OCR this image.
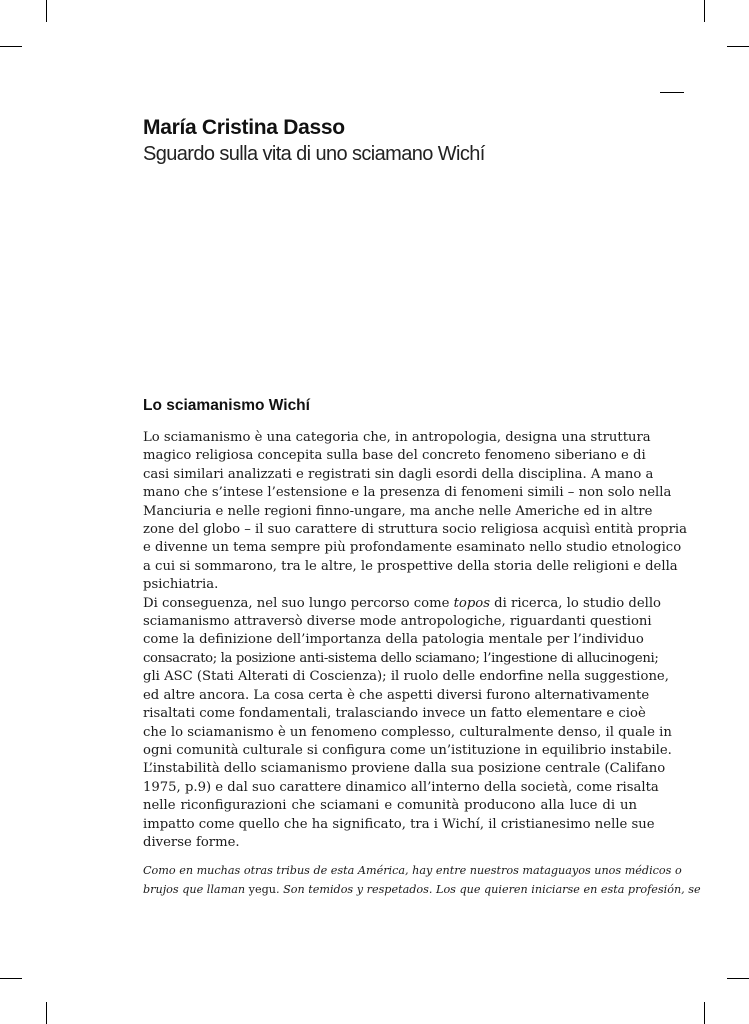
María Cristina Dasso
Sguardo sulla vita di uno sciamano Wichí
Lo sciamanismo Wichí
Lo sciamanismo è una categoria che, in antropologia, designa una struttura
magico religiosa concepita sulla base del concreto fenomeno siberiano e di
casi similari analizzati e registrati sin dagli esordi della disciplina. A mano a
mano che s’intese l’estensione e la presenza di fenomeni simili – non solo nella
Manciuria e nelle regioni finno-ungare, ma anche nelle Americhe ed in altre
zone del globo – il suo carattere di struttura socio religiosa acquisì entità propria
e divenne un tema sempre più profondamente esaminato nello studio etnologico
a cui si sommarono, tra le altre, le prospettive della storia delle religioni e della
psichiatria.
Di conseguenza, nel suo lungo percorso come topos di ricerca, lo studio dello
sciamanismo attraversò diverse mode antropologiche, riguardanti questioni
come la definizione dell’importanza della patologia mentale per l’individuo
consacrato; la posizione anti-sistema dello sciamano; l’ingestione di allucinogeni;
gli ASC (Stati Alterati di Coscienza); il ruolo delle endorfine nella suggestione,
ed altre ancora. La cosa certa è che aspetti diversi furono alternativamente
risaltati come fondamentali, tralasciando invece un fatto elementare e cioè
che lo sciamanismo è un fenomeno complesso, culturalmente denso, il quale in
ogni comunità culturale si configura come un’istituzione in equilibrio instabile.
L’instabilità dello sciamanismo proviene dalla sua posizione centrale (Califano
1975, p.9) e dal suo carattere dinamico all’interno della società, come risalta
nelle riconfigurazioni che sciamani e comunità producono alla luce di un
impatto come quello che ha significato, tra i Wichí, il cristianesimo nelle sue
diverse forme.
Como en muchas otras tribus de esta América, hay entre nuestros mataguayos unos médicos o
brujos que llaman yegu. Son temidos y respetados. Los que quieren iniciarse en esta profesión, se
